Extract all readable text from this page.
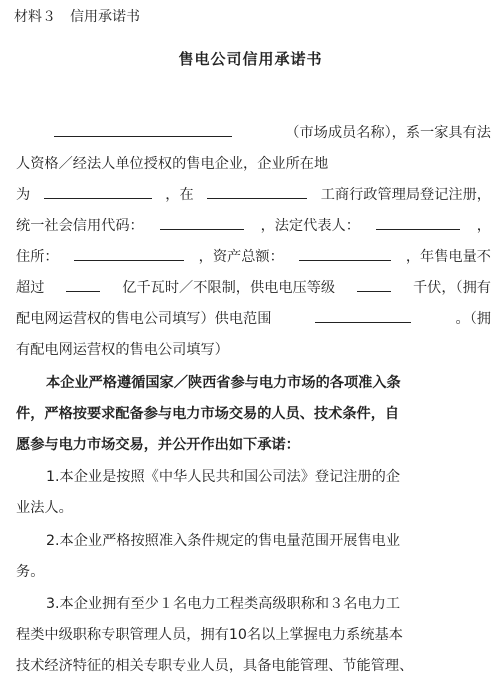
材料３　信用承诺书
售电公司信用承诺书
（市场成员名称），系一家具有法
人资格／经法人单位授权的售电企业，企业所在地
为	，在	工商行政管理局登记注册，
统一社会信用代码：	，法定代表人：	，
住所：	，资产总额：	，年售电量不
超过	亿千瓦时／不限制，供电电压等级	千伏，（拥有
配电网运营权的售电公司填写）供电范围	。（拥
有配电网运营权的售电公司填写）
本企业严格遵循国家／陕西省参与电力市场的各项准入条
件，严格按要求配备参与电力市场交易的人员、技术条件，自
愿参与电力市场交易，并公开作出如下承诺：
1.本企业是按照《中华人民共和国公司法》登记注册的企
业法人。
2.本企业严格按照准入条件规定的售电量范围开展售电业
务。
3.本企业拥有至少１名电力工程类高级职称和３名电力工
程类中级职称专职管理人员，拥有10名以上掌握电力系统基本
技术经济特征的相关专职专业人员，具备电能管理、节能管理、
